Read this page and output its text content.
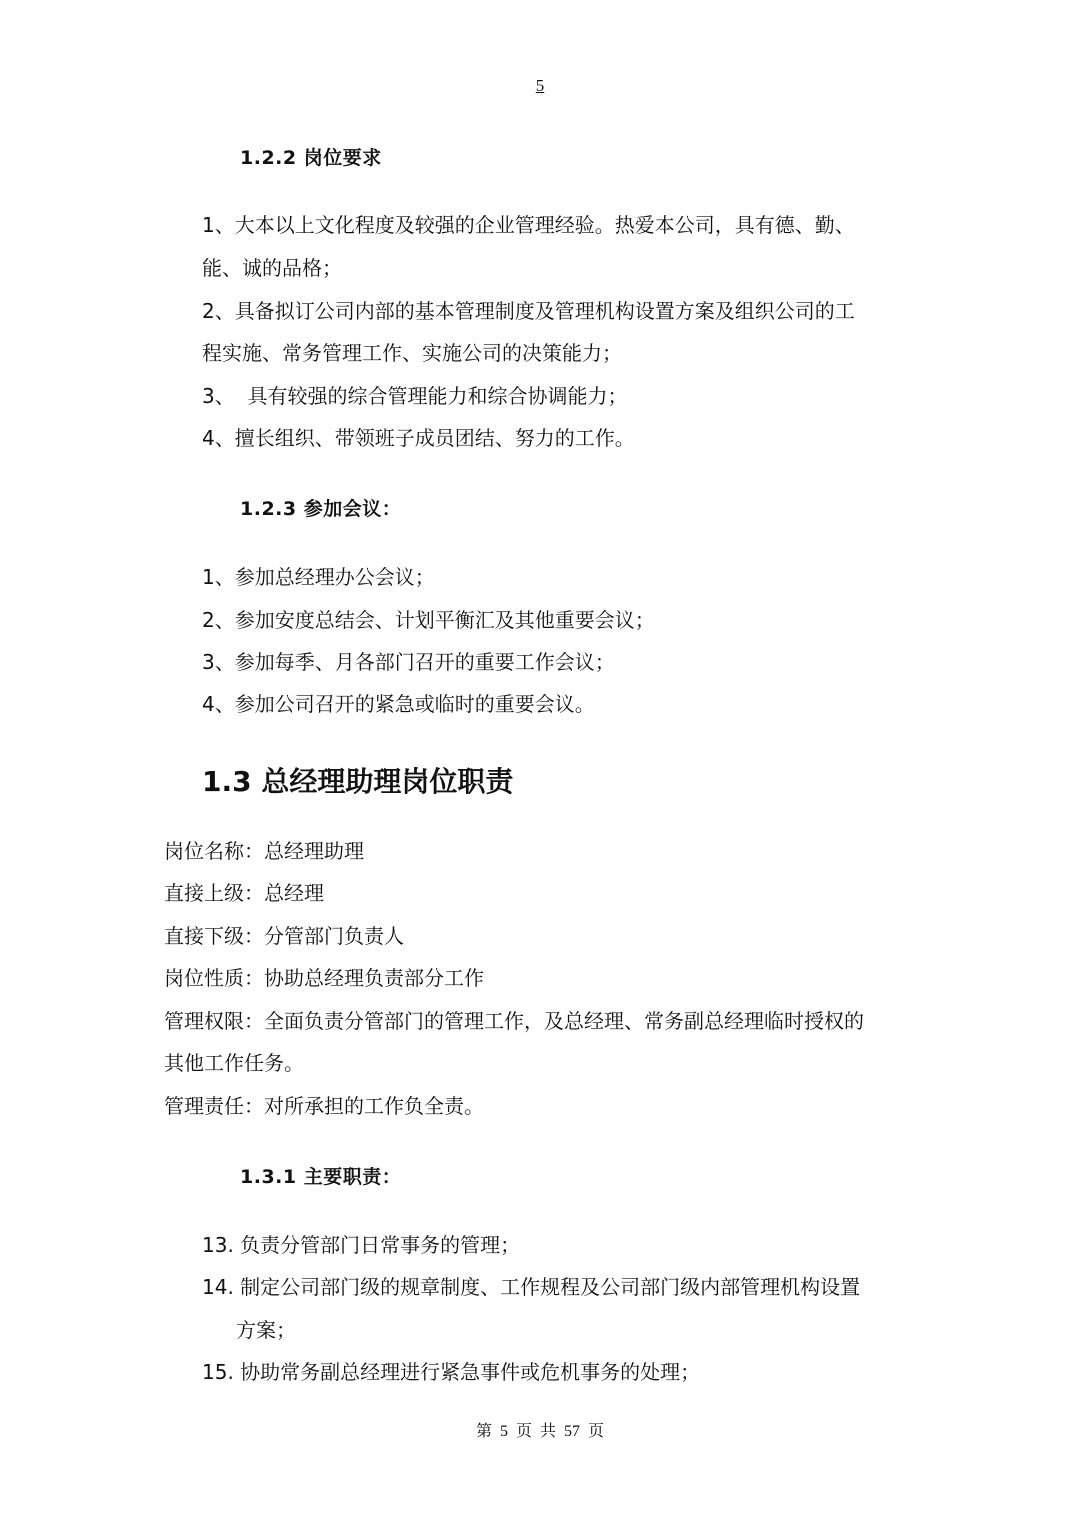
5
1.2.2 岗位要求
1、大本以上文化程度及较强的企业管理经验。热爱本公司，具有德、勤、
能、诚的品格；
2、具备拟订公司内部的基本管理制度及管理机构设置方案及组织公司的工
程实施、常务管理工作、实施公司的决策能力；
3、  具有较强的综合管理能力和综合协调能力；
4、擅长组织、带领班子成员团结、努力的工作。
1.2.3 参加会议：
1、参加总经理办公会议；
2、参加安度总结会、计划平衡汇及其他重要会议；
3、参加每季、月各部门召开的重要工作会议；
4、参加公司召开的紧急或临时的重要会议。
1.3 总经理助理岗位职责
岗位名称：总经理助理
直接上级：总经理
直接下级：分管部门负责人
岗位性质：协助总经理负责部分工作
管理权限：全面负责分管部门的管理工作，及总经理、常务副总经理临时授权的
其他工作任务。
管理责任：对所承担的工作负全责。
1.3.1 主要职责：
13. 负责分管部门日常事务的管理；
14. 制定公司部门级的规章制度、工作规程及公司部门级内部管理机构设置
方案；
15. 协助常务副总经理进行紧急事件或危机事务的处理；
第 5 页 共 57 页
